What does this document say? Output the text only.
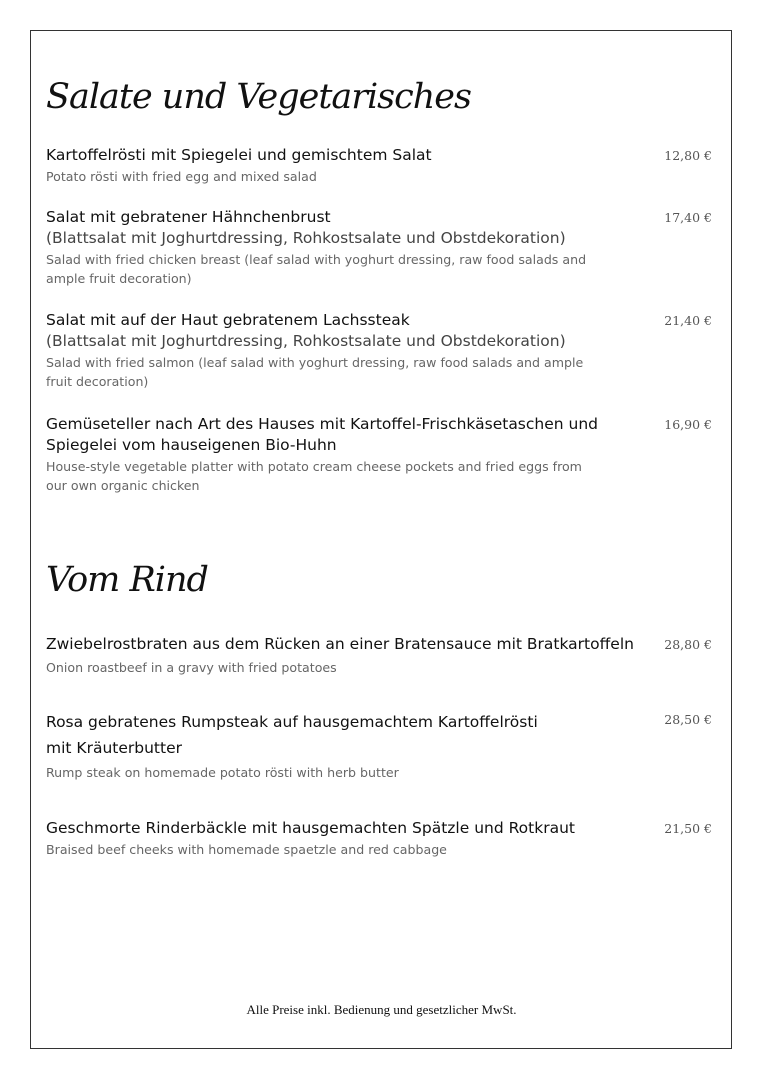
Salate und Vegetarisches
Kartoffelrösti mit Spiegelei und gemischtem Salat
Potato rösti with fried egg and mixed salad
12,80 €
Salat mit gebratener Hähnchenbrust
(Blattsalat mit Joghurtdressing, Rohkostsalate und Obstdekoration)
Salad with fried chicken breast (leaf salad with yoghurt dressing, raw food salads and ample fruit decoration)
17,40 €
Salat mit auf der Haut gebratenem Lachssteak
(Blattsalat mit Joghurtdressing, Rohkostsalate und Obstdekoration)
Salad with fried salmon (leaf salad with yoghurt dressing, raw food salads and ample fruit decoration)
21,40 €
Gemüseteller nach Art des Hauses mit Kartoffel-Frischkäsetaschen und Spiegelei vom hauseigenen Bio-Huhn
House-style vegetable platter with potato cream cheese pockets and fried eggs from our own organic chicken
16,90 €
Vom Rind
Zwiebelrostbraten aus dem Rücken an einer Bratensauce mit Bratkartoffeln
Onion roastbeef in a gravy with fried potatoes
28,80 €
Rosa gebratenes Rumpsteak auf hausgemachtem Kartoffelrösti mit Kräuterbutter
Rump steak on homemade potato rösti with herb butter
28,50 €
Geschmorte Rinderbäckle mit hausgemachten Spätzle und Rotkraut
Braised beef cheeks with homemade spaetzle and red cabbage
21,50 €
Alle Preise inkl. Bedienung und gesetzlicher MwSt.
